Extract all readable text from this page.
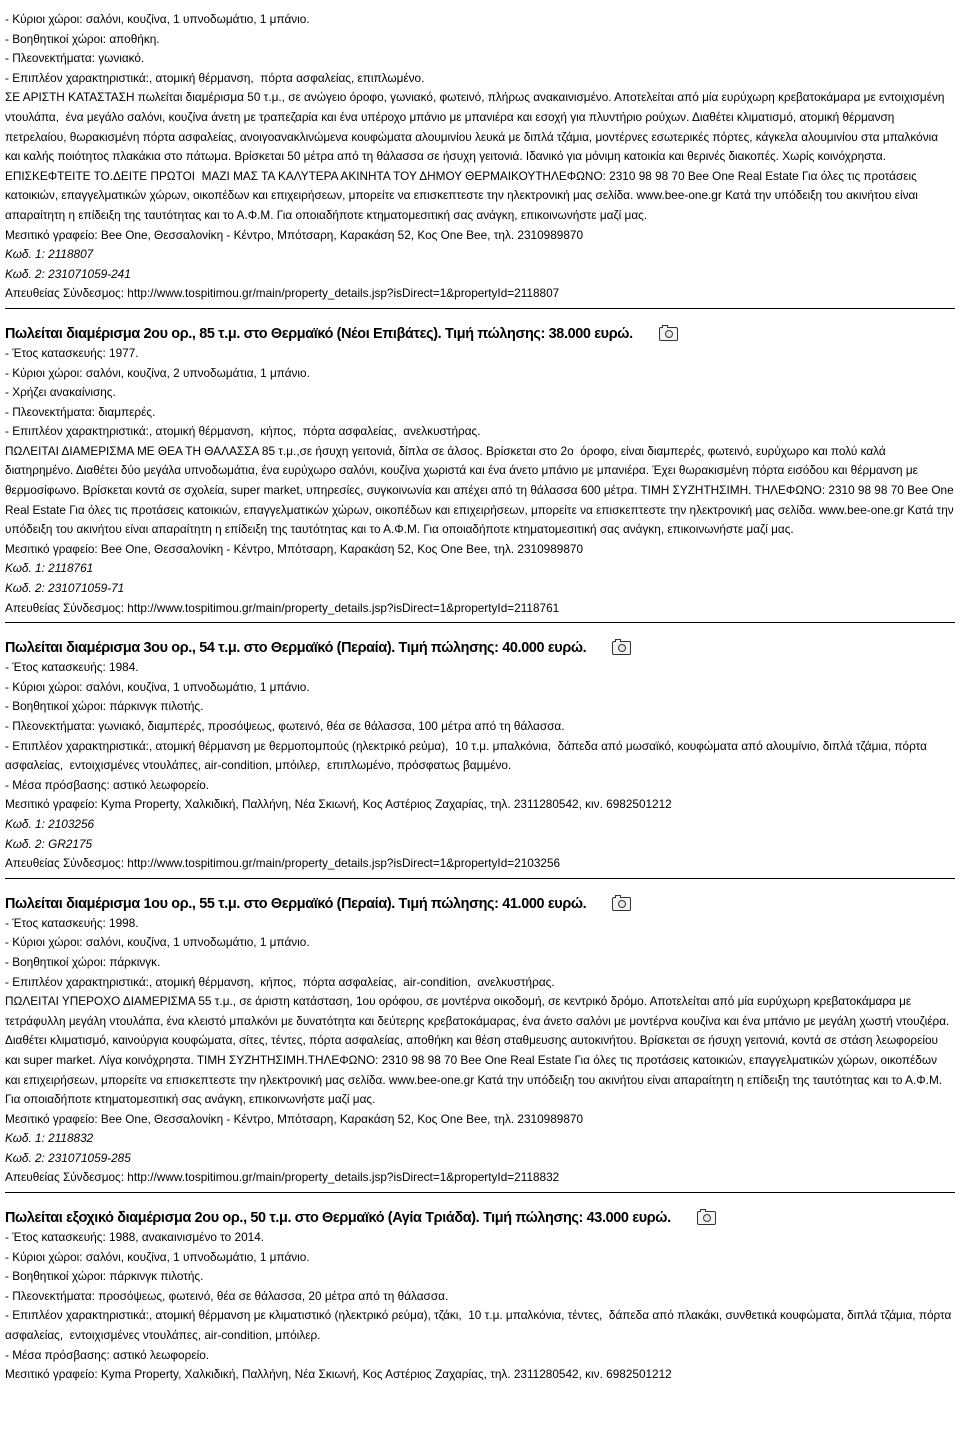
- Κύριοι χώροι: σαλόνι, κουζίνα, 1 υπνοδωμάτιο, 1 μπάνιο.
- Βοηθητικοί χώροι: αποθήκη.
- Πλεονεκτήματα: γωνιακό.
- Επιπλέον χαρακτηριστικά:, ατομική θέρμανση,  πόρτα ασφαλείας, επιπλωμένο.
ΣΕ ΑΡΙΣΤΗ ΚΑΤΑΣΤΑΣΗ πωλείται διαμέρισμα 50 τ.μ., σε ανώγειο όροφο, γωνιακό, φωτεινό, πλήρως ανακαινισμένο. Αποτελείται από μία ευρύχωρη κρεβατοκάμαρα με εντοιχισμένη ντουλάπα,  ένα μεγάλο σαλόνι, κουζίνα άνετη με τραπεζαρία και ένα υπέροχο μπάνιο με μπανιέρα και εσοχή για πλυντήριο ρούχων. Διαθέτει κλιματισμό, ατομική θέρμανση πετρελαίου, θωρακισμένη πόρτα ασφαλείας, ανοιγοανακλινώμενα κουφώματα αλουμινίου λευκά με διπλά τζάμια, μοντέρνες εσωτερικές πόρτες, κάγκελα αλουμινίου στα μπαλκόνια και καλής ποιότητος πλακάκια στο πάτωμα. Βρίσκεται 50 μέτρα από τη θάλασσα σε ήσυχη γειτονιά. Ιδανικό για μόνιμη κατοικία και θερινές διακοπές. Χωρίς κοινόχρηστα. ΕΠΙΣΚΕΦΤΕΙΤΕ ΤΟ.ΔΕΙΤΕ ΠΡΩΤΟΙ  ΜΑΖΙ ΜΑΣ ΤΑ ΚΑΛΥΤΕΡΑ ΑΚΙΝΗΤΑ ΤΟΥ ΔΗΜΟΥ ΘΕΡΜΑΙΚΟΥΤΗΛΕΦΩΝΟ: 2310 98 98 70 Bee One Real Estate Για όλες τις προτάσεις κατοικιών, επαγγελματικών χώρων, οικοπέδων και επιχειρήσεων, μπορείτε να επισκεπτεστε την ηλεκτρονική μας σελίδα. www.bee-one.gr Κατά την υπόδειξη του ακινήτου είναι απαραίτητη η επίδειξη της ταυτότητας και το Α.Φ.Μ. Για οποιαδήποτε κτηματομεσιτική σας ανάγκη, επικοινωνήστε μαζί μας.
Μεσιτικό γραφείο: Bee One, Θεσσαλονίκη - Κέντρο, Μπότσαρη, Καρακάση 52, Κος One Bee, τηλ. 2310989870
Κωδ. 1: 2118807
Κωδ. 2: 231071059-241
Απευθείας Σύνδεσμος: http://www.tospitimou.gr/main/property_details.jsp?isDirect=1&propertyId=2118807
Πωλείται διαμέρισμα 2ου ορ., 85 τ.μ. στο Θερμαϊκό (Νέοι Επιβάτες). Τιμή πώλησης: 38.000 ευρώ.
- Έτος κατασκευής: 1977.
- Κύριοι χώροι: σαλόνι, κουζίνα, 2 υπνοδωμάτια, 1 μπάνιο.
- Χρήζει ανακαίνισης.
- Πλεονεκτήματα: διαμπερές.
- Επιπλέον χαρακτηριστικά:, ατομική θέρμανση,  κήπος,  πόρτα ασφαλείας,  ανελκυστήρας.
ΠΩΛΕΙΤΑΙ ΔΙΑΜΕΡΙΣΜΑ ΜΕ ΘΕΑ ΤΗ ΘΑΛΑΣΣΑ 85 τ.μ.,σε ήσυχη γειτονιά, δίπλα σε άλσος. Βρίσκεται στο 2ο  όροφο, είναι διαμπερές, φωτεινό, ευρύχωρο και πολύ καλά διατηρημένο. Διαθέτει δύο μεγάλα υπνοδωμάτια, ένα ευρύχωρο σαλόνι, κουζίνα χωριστά και ένα άνετο μπάνιο με μπανιέρα. Έχει θωρακισμένη πόρτα εισόδου και θέρμανση με θερμοσίφωνο. Βρίσκεται κοντά σε σχολεία, super market, υπηρεσίες, συγκοινωνία και απέχει από τη θάλασσα 600 μέτρα. ΤΙΜΗ ΣΥΖΗΤΗΣΙΜΗ. ΤΗΛΕΦΩΝΟ: 2310 98 98 70 Bee One Real Estate Για όλες τις προτάσεις κατοικιών, επαγγελματικών χώρων, οικοπέδων και επιχειρήσεων, μπορείτε να επισκεπτεστε την ηλεκτρονική μας σελίδα. www.bee-one.gr Κατά την υπόδειξη του ακινήτου είναι απαραίτητη η επίδειξη της ταυτότητας και το Α.Φ.Μ. Για οποιαδήποτε κτηματομεσιτική σας ανάγκη, επικοινωνήστε μαζί μας.
Μεσιτικό γραφείο: Bee One, Θεσσαλονίκη - Κέντρο, Μπότσαρη, Καρακάση 52, Κος One Bee, τηλ. 2310989870
Κωδ. 1: 2118761
Κωδ. 2: 231071059-71
Απευθείας Σύνδεσμος: http://www.tospitimou.gr/main/property_details.jsp?isDirect=1&propertyId=2118761
Πωλείται διαμέρισμα 3ου ορ., 54 τ.μ. στο Θερμαϊκό (Περαία). Τιμή πώλησης: 40.000 ευρώ.
- Έτος κατασκευής: 1984.
- Κύριοι χώροι: σαλόνι, κουζίνα, 1 υπνοδωμάτιο, 1 μπάνιο.
- Βοηθητικοί χώροι: πάρκινγκ πιλοτής.
- Πλεονεκτήματα: γωνιακό, διαμπερές, προσόψεως, φωτεινό, θέα σε θάλασσα, 100 μέτρα από τη θάλασσα.
- Επιπλέον χαρακτηριστικά:, ατομική θέρμανση με θερμοπομπούς (ηλεκτρικό ρεύμα),  10 τ.μ. μπαλκόνια,  δάπεδα από μωσαϊκό, κουφώματα από αλουμίνιο, διπλά τζάμια, πόρτα ασφαλείας,  εντοιχισμένες ντουλάπες, air-condition, μπόιλερ,  επιπλωμένο, πρόσφατως βαμμένο.
- Μέσα πρόσβασης: αστικό λεωφορείο.
Μεσιτικό γραφείο: Kyma Property, Χαλκιδική, Παλλήνη, Νέα Σκιωνή, Κος Αστέριος Ζαχαρίας, τηλ. 2311280542, κιν. 6982501212
Κωδ. 1: 2103256
Κωδ. 2: GR2175
Απευθείας Σύνδεσμος: http://www.tospitimou.gr/main/property_details.jsp?isDirect=1&propertyId=2103256
Πωλείται διαμέρισμα 1ου ορ., 55 τ.μ. στο Θερμαϊκό (Περαία). Τιμή πώλησης: 41.000 ευρώ.
- Έτος κατασκευής: 1998.
- Κύριοι χώροι: σαλόνι, κουζίνα, 1 υπνοδωμάτιο, 1 μπάνιο.
- Βοηθητικοί χώροι: πάρκινγκ.
- Επιπλέον χαρακτηριστικά:, ατομική θέρμανση,  κήπος,  πόρτα ασφαλείας,  air-condition,  ανελκυστήρας.
ΠΩΛΕΙΤΑΙ ΥΠΕΡΟΧΟ ΔΙΑΜΕΡΙΣΜΑ 55 τ.μ., σε άριστη κατάσταση, 1ου ορόφου, σε μοντέρνα οικοδομή, σε κεντρικό δρόμο. Αποτελείται από μία ευρύχωρη κρεβατοκάμαρα με τετράφυλλη μεγάλη ντουλάπα, ένα κλειστό μπαλκόνι με δυνατότητα και δεύτερης κρεβατοκάμαρας, ένα άνετο σαλόνι με μοντέρνα κουζίνα και ένα μπάνιο με μεγάλη χωστή ντουζιέρα. Διαθέτει κλιματισμό, καινούργια κουφώματα, σίτες, τέντες, πόρτα ασφαλείας, αποθήκη και θέση σταθμευσης αυτοκινήτου. Βρίσκεται σε ήσυχη γειτονιά, κοντά σε στάση λεωφορείου και super market. Λίγα κοινόχρηστα. ΤΙΜΗ ΣΥΖΗΤΗΣΙΜΗ.ΤΗΛΕΦΩΝΟ: 2310 98 98 70 Bee One Real Estate Για όλες τις προτάσεις κατοικιών, επαγγελματικών χώρων, οικοπέδων και επιχειρήσεων, μπορείτε να επισκεπτεστε την ηλεκτρονική μας σελίδα. www.bee-one.gr Κατά την υπόδειξη του ακινήτου είναι απαραίτητη η επίδειξη της ταυτότητας και το Α.Φ.Μ. Για οποιαδήποτε κτηματομεσιτική σας ανάγκη, επικοινωνήστε μαζί μας.
Μεσιτικό γραφείο: Bee One, Θεσσαλονίκη - Κέντρο, Μπότσαρη, Καρακάση 52, Κος One Bee, τηλ. 2310989870
Κωδ. 1: 2118832
Κωδ. 2: 231071059-285
Απευθείας Σύνδεσμος: http://www.tospitimou.gr/main/property_details.jsp?isDirect=1&propertyId=2118832
Πωλείται εξοχικό διαμέρισμα 2ου ορ., 50 τ.μ. στο Θερμαϊκό (Αγία Τριάδα). Τιμή πώλησης: 43.000 ευρώ.
- Έτος κατασκευής: 1988, ανακαινισμένο το 2014.
- Κύριοι χώροι: σαλόνι, κουζίνα, 1 υπνοδωμάτιο, 1 μπάνιο.
- Βοηθητικοί χώροι: πάρκινγκ πιλοτής.
- Πλεονεκτήματα: προσόψεως, φωτεινό, θέα σε θάλασσα, 20 μέτρα από τη θάλασσα.
- Επιπλέον χαρακτηριστικά:, ατομική θέρμανση με κλιματιστικό (ηλεκτρικό ρεύμα), τζάκι,  10 τ.μ. μπαλκόνια, τέντες,  δάπεδα από πλακάκι, συνθετικά κουφώματα, διπλά τζάμια, πόρτα ασφαλείας,  εντοιχισμένες ντουλάπες, air-condition, μπόιλερ.
- Μέσα πρόσβασης: αστικό λεωφορείο.
Μεσιτικό γραφείο: Kyma Property, Χαλκιδική, Παλλήνη, Νέα Σκιωνή, Κος Αστέριος Ζαχαρίας, τηλ. 2311280542, κιν. 6982501212
